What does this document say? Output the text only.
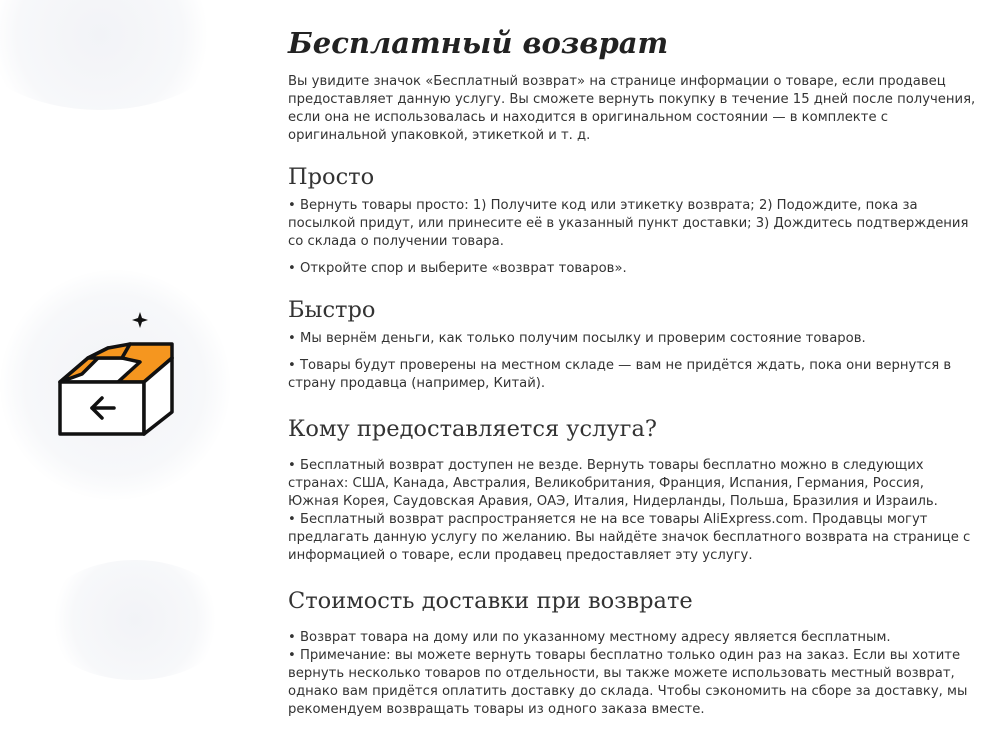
Бесплатный возврат

Вы увидите значок «Бесплатный возврат» на странице информации о товаре, если продавец предоставляет данную услугу. Вы сможете вернуть покупку в течение 15 дней после получения, если она не использовалась и находится в оригинальном состоянии — в комплекте с оригинальной упаковкой, этикеткой и т. д.

Просто

• Вернуть товары просто: 1) Получите код или этикетку возврата; 2) Подождите, пока за посылкой придут, или принесите её в указанный пункт доставки; 3) Дождитесь подтверждения со склада о получении товара.

• Откройте спор и выберите «возврат товаров».

Быстро

• Мы вернём деньги, как только получим посылку и проверим состояние товаров.

• Товары будут проверены на местном складе — вам не придётся ждать, пока они вернутся в страну продавца (например, Китай).

Кому предоставляется услуга?

• Бесплатный возврат доступен не везде. Вернуть товары бесплатно можно в следующих странах: США, Канада, Австралия, Великобритания, Франция, Испания, Германия, Россия, Южная Корея, Саудовская Аравия, ОАЭ, Италия, Нидерланды, Польша, Бразилия и Израиль.

• Бесплатный возврат распространяется не на все товары AliExpress.com. Продавцы могут предлагать данную услугу по желанию. Вы найдёте значок бесплатного возврата на странице с информацией о товаре, если продавец предоставляет эту услугу.

Стоимость доставки при возврате

• Возврат товара на дому или по указанному местному адресу является бесплатным.

• Примечание: вы можете вернуть товары бесплатно только один раз на заказ. Если вы хотите вернуть несколько товаров по отдельности, вы также можете использовать местный возврат, однако вам придётся оплатить доставку до склада. Чтобы сэкономить на сборе за доставку, мы рекомендуем возвращать товары из одного заказа вместе.
